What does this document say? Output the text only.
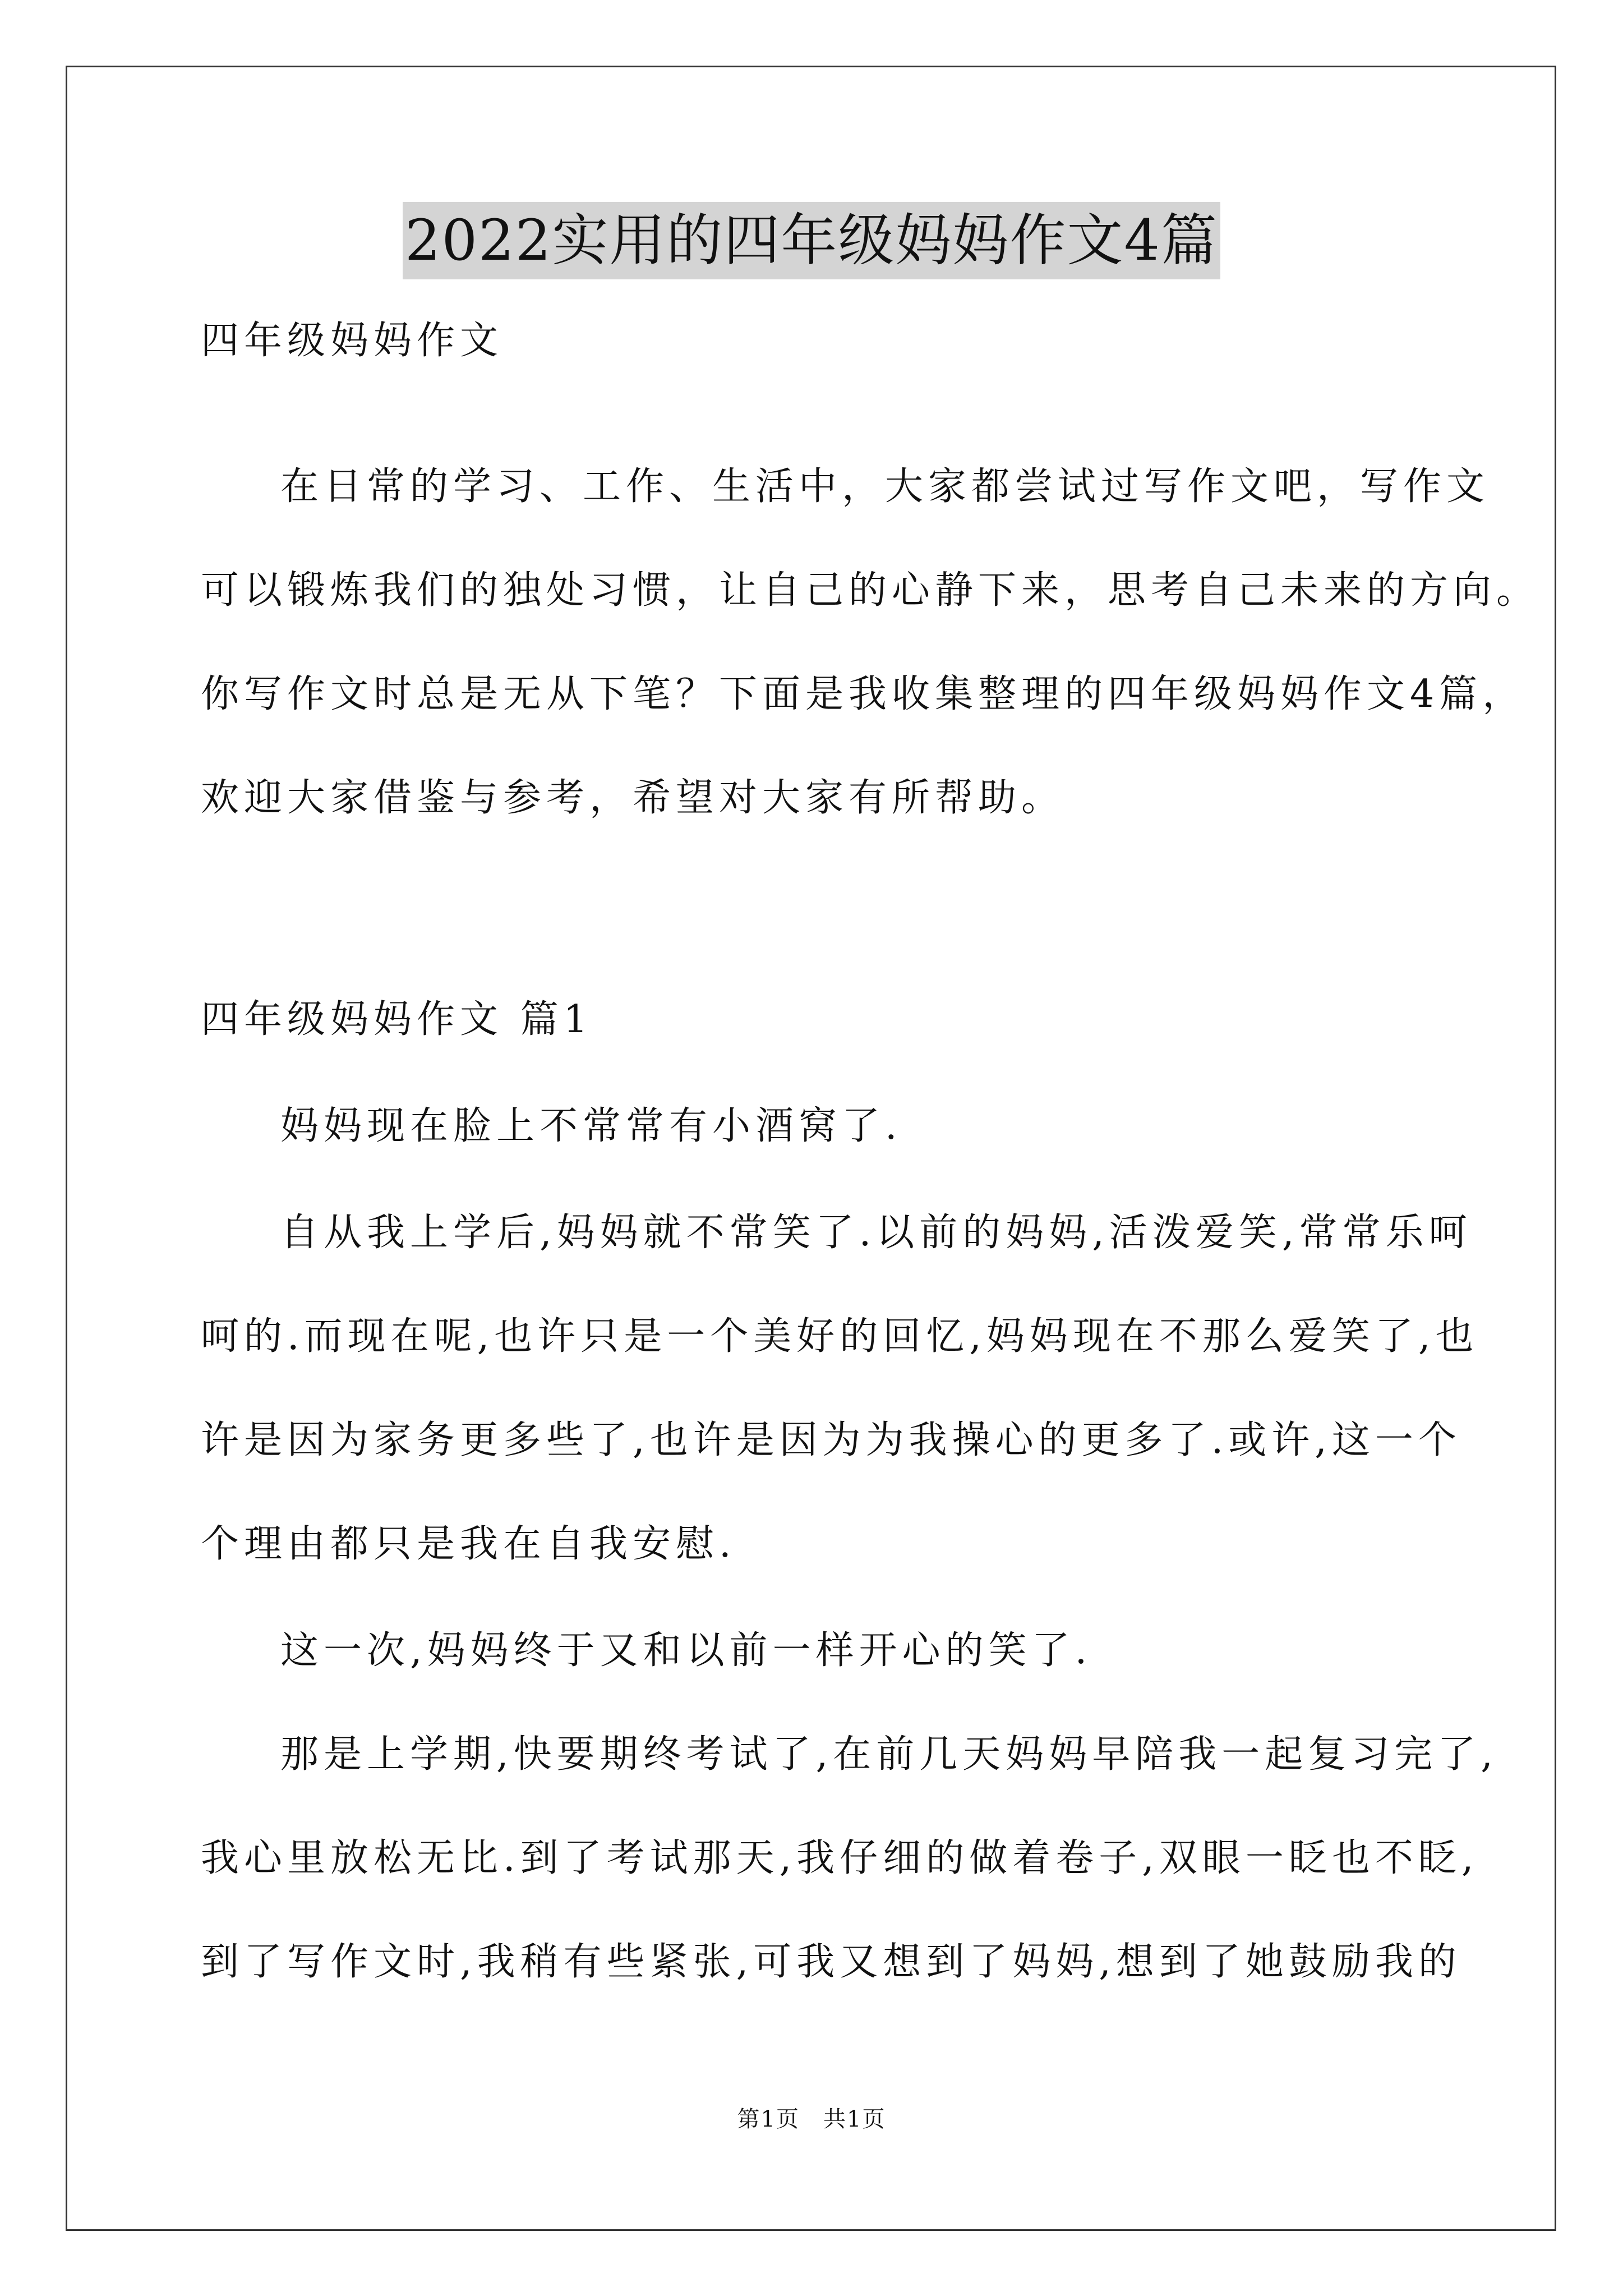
2022实用的四年级妈妈作文4篇
四年级妈妈作文
在日常的学习、工作、生活中，大家都尝试过写作文吧，写作文
可以锻炼我们的独处习惯，让自己的心静下来，思考自己未来的方向。
你写作文时总是无从下笔？下面是我收集整理的四年级妈妈作文4篇，
欢迎大家借鉴与参考，希望对大家有所帮助。
四年级妈妈作文 篇1
妈妈现在脸上不常常有小酒窝了.
自从我上学后,妈妈就不常笑了.以前的妈妈,活泼爱笑,常常乐呵
呵的.而现在呢,也许只是一个美好的回忆,妈妈现在不那么爱笑了,也
许是因为家务更多些了,也许是因为为我操心的更多了.或许,这一个
个理由都只是我在自我安慰.
这一次,妈妈终于又和以前一样开心的笑了.
那是上学期,快要期终考试了,在前几天妈妈早陪我一起复习完了,
我心里放松无比.到了考试那天,我仔细的做着卷子,双眼一眨也不眨,
到了写作文时,我稍有些紧张,可我又想到了妈妈,想到了她鼓励我的
第1页　共1页
